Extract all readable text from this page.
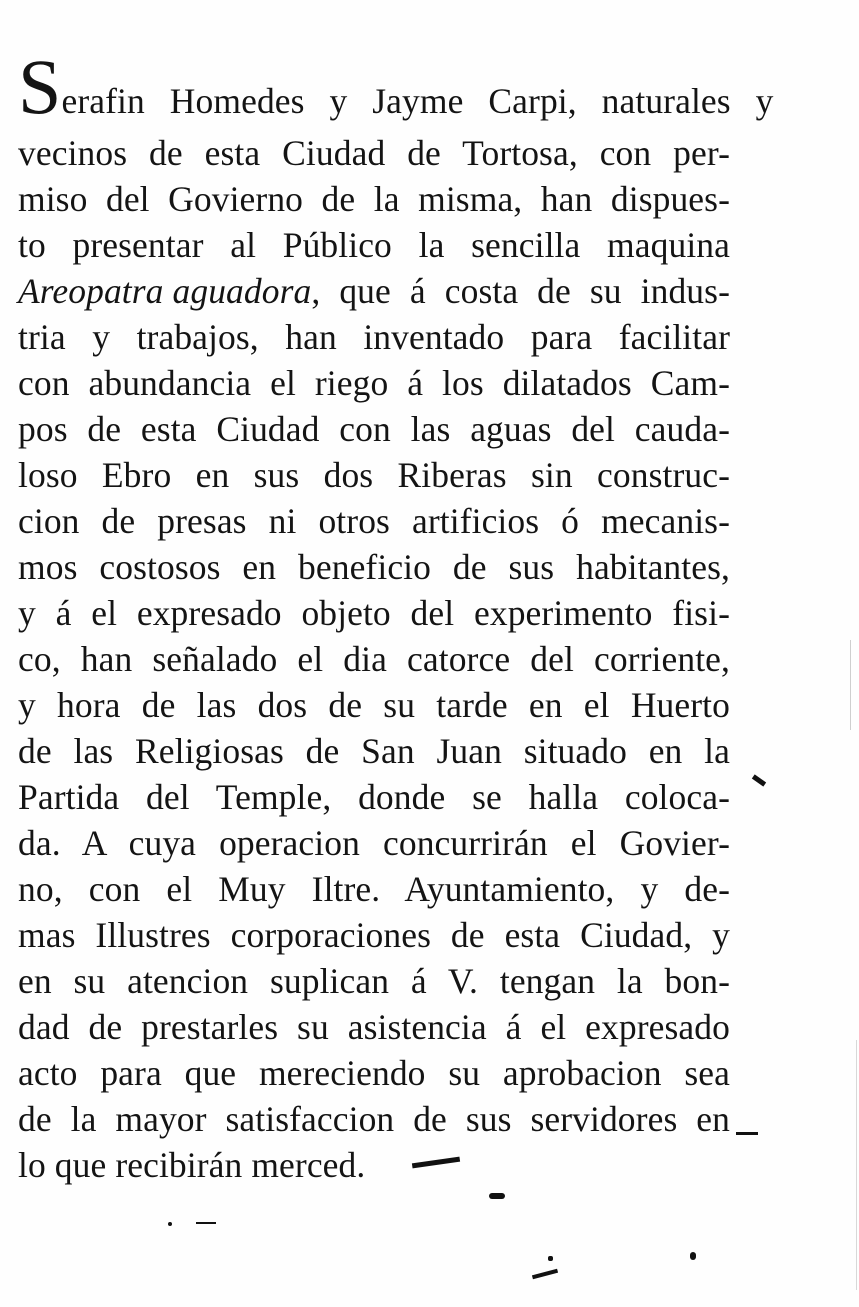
S erafin Homedes y Jayme Carpi, naturales y
vecinos de esta Ciudad de Tortosa, con per-
miso del Govierno de la misma, han dispues-
to presentar al Público la sencilla maquina
Areopatra aguadora , que á costa de su indus-
tria y trabajos, han inventado para facilitar
con abundancia el riego á los dilatados Cam-
pos de esta Ciudad con las aguas del cauda-
loso Ebro en sus dos Riberas sin construc-
cion de presas ni otros artificios ó mecanis-
mos costosos en beneficio de sus habitantes,
y á el expresado objeto del experimento fisi-
co, han señalado el dia catorce del corriente,
y hora de las dos de su tarde en el Huerto
de las Religiosas de San Juan situado en la
Partida del Temple, donde se halla coloca-
da. A cuya operacion concurrirán el Govier-
no, con el Muy Iltre. Ayuntamiento, y de-
mas Illustres corporaciones de esta Ciudad, y
en su atencion suplican á V. tengan la bon-
dad de prestarles su asistencia á el expresado
acto para que mereciendo su aprobacion sea
de la mayor satisfaccion de sus servidores en
lo que recibirán merced.
